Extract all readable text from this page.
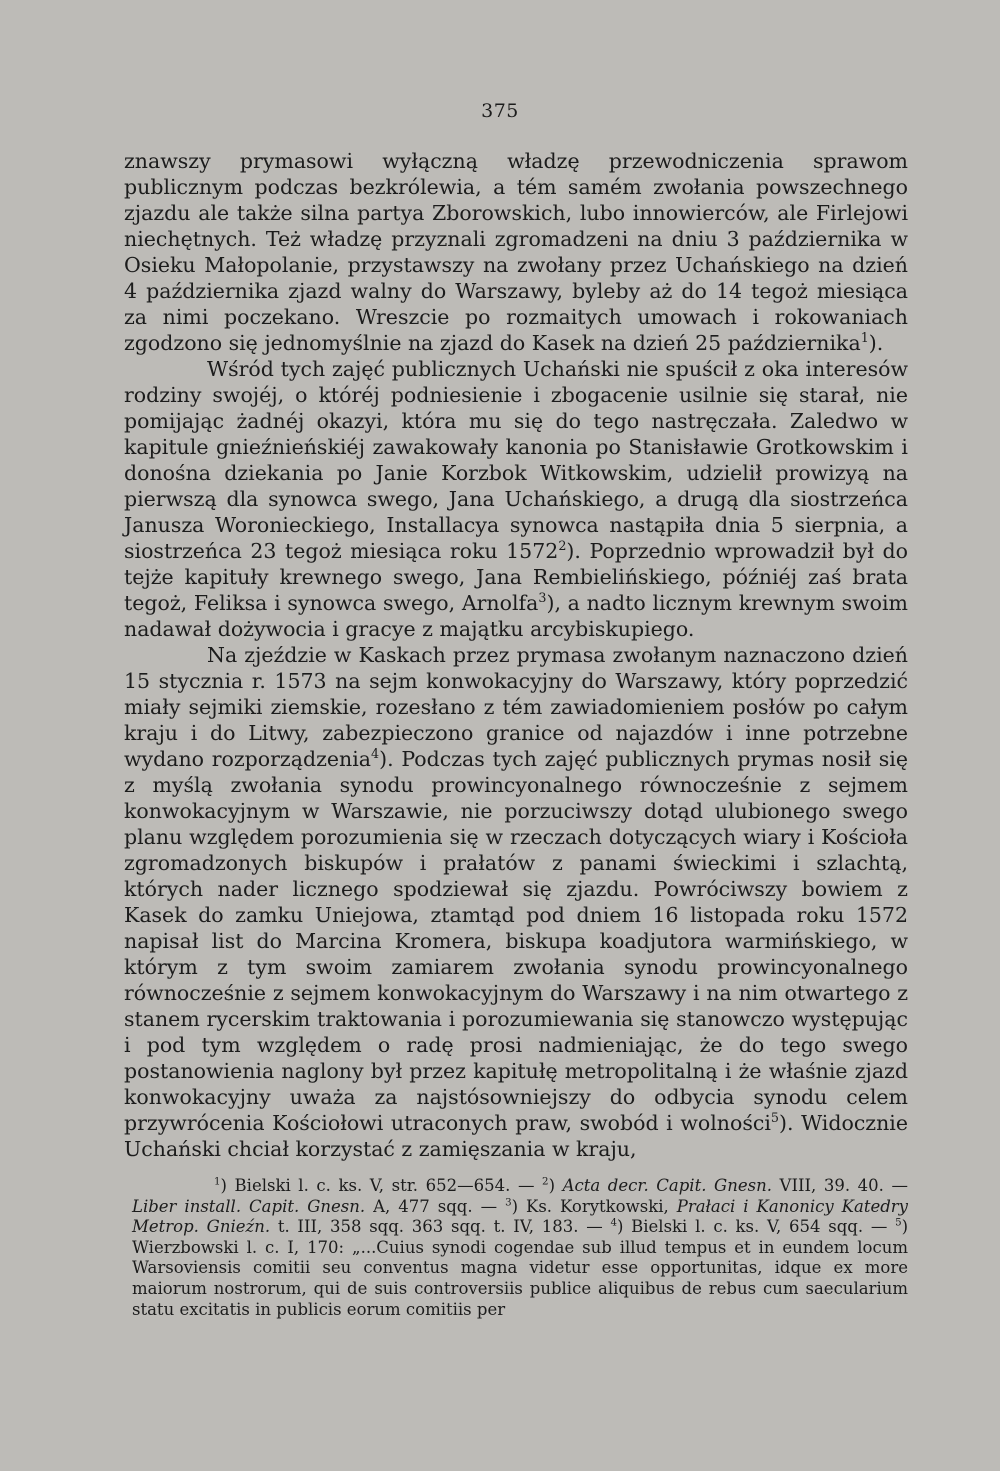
375

znawszy prymasowi wyłączną władzę przewodniczenia sprawom publicznym podczas bezkrólewia, a tém samém zwołania powszechnego zjazdu ale także silna partya Zborowskich, lubo innowierców, ale Firlejowi niechętnych. Też władzę przyznali zgromadzeni na dniu 3 października w Osieku Małopolanie, przystawszy na zwołany przez Uchańskiego na dzień 4 października zjazd walny do Warszawy, byleby aż do 14 tegoż miesiąca za nimi poczekano. Wreszcie po rozmaitych umowach i rokowaniach zgodzono się jednomyślnie na zjazd do Kasek na dzień 25 października$^1$).

Wśród tych zajęć publicznych Uchański nie spuścił z oka interesów rodziny swojéj, o któréj podniesienie i zbogacenie usilnie się starał, nie pomijając żadnéj okazyi, która mu się do tego nastręczała. Zaledwo w kapitule gnieźnieńskiéj zawakowały kanonia po Stanisławie Grotkowskim i donośna dziekania po Janie Korzbok Witkowskim, udzielił prowizyą na pierwszą dla synowca swego, Jana Uchańskiego, a drugą dla siostrzeńca Janusza Woronieckiego, Installacya synowca nastąpiła dnia 5 sierpnia, a siostrzeńca 23 tegoż miesiąca roku 1572$^2$). Poprzednio wprowadził był do tejże kapituły krewnego swego, Jana Rembielińskiego, późniéj zaś brata tegoż, Feliksa i synowca swego, Arnolfa$^3$), a nadto licznym krewnym swoim nadawał dożywocia i gracye z majątku arcybiskupiego.

Na zjeździe w Kaskach przez prymasa zwołanym naznaczono dzień 15 stycznia r. 1573 na sejm konwokacyjny do Warszawy, który poprzedzić miały sejmiki ziemskie, rozesłano z tém zawiadomieniem posłów po całym kraju i do Litwy, zabezpieczono granice od najazdów i inne potrzebne wydano rozporządzenia$^4$). Podczas tych zajęć publicznych prymas nosił się z myślą zwołania synodu prowincyonalnego równocześnie z sejmem konwokacyjnym w Warszawie, nie porzuciwszy dotąd ulubionego swego planu względem porozumienia się w rzeczach dotyczących wiary i Kościoła zgromadzonych biskupów i prałatów z panami świeckimi i szlachtą, których nader licznego spodziewał się zjazdu. Powróciwszy bowiem z Kasek do zamku Uniejowa, ztamtąd pod dniem 16 listopada roku 1572 napisał list do Marcina Kromera, biskupa koadjutora warmińskiego, w którym z tym swoim zamiarem zwołania synodu prowincyonalnego równocześnie z sejmem konwokacyjnym do Warszawy i na nim otwartego z stanem rycerskim traktowania i porozumiewania się stanowczo występując i pod tym względem o radę prosi nadmieniając, że do tego swego postanowienia naglony był przez kapitułę metropolitalną i że właśnie zjazd konwokacyjny uważa za najstósowniejszy do odbycia synodu celem przywrócenia Kościołowi utraconych praw, swobód i wolności$^5$). Widocznie Uchański chciał korzystać z zamięszania w kraju,

$^1$) Bielski l. c. ks. V, str. 652—654. — $^2$) Acta decr. Capit. Gnesn. VIII, 39. 40. — Liber install. Capit. Gnesn. A, 477 sqq. — $^3$) Ks. Korytkowski, Prałaci i Kanonicy Katedry Metrop. Gnieźn. t. III, 358 sqq. 363 sqq. t. IV, 183. — $^4$) Bielski l. c. ks. V, 654 sqq. — $^5$) Wierzbowski l. c. I, 170: „...Cuius synodi cogendae sub illud tempus et in eundem locum Warsoviensis comitii seu conventus magna videtur esse opportunitas, idque ex more maiorum nostrorum, qui de suis controversiis publice aliquibus de rebus cum saecularium statu excitatis in publicis eorum comitiis per
